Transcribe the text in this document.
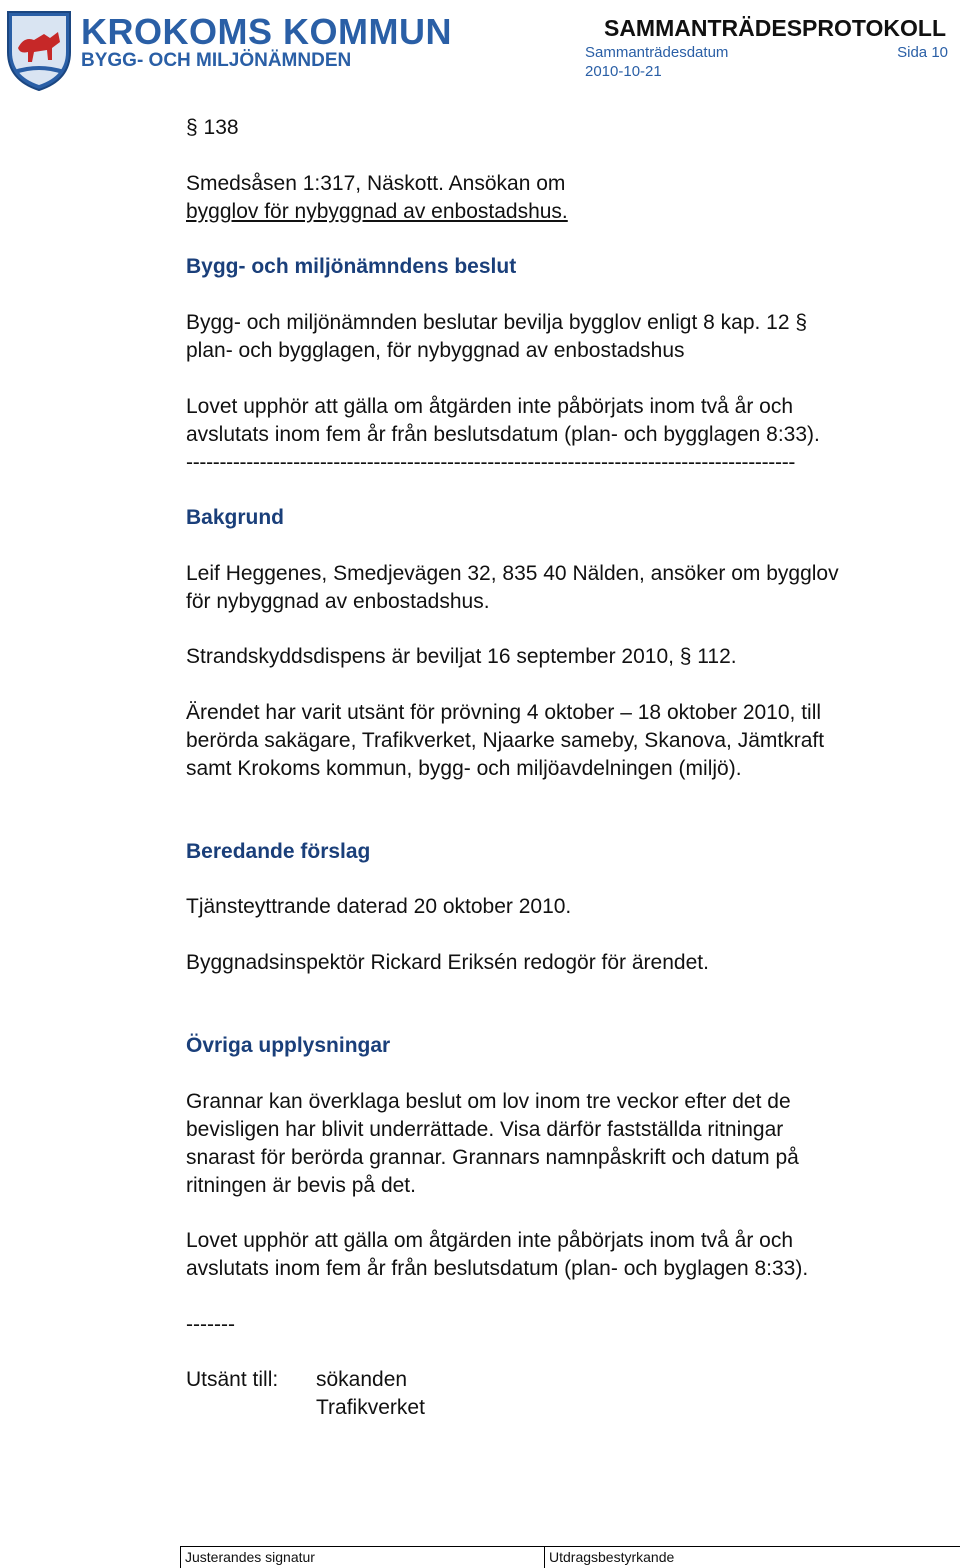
KROKOMS KOMMUN
BYGG- OCH MILJÖNÄMNDEN
SAMMANTRÄDESPROTOKOLL
Sammanträdesdatum	Sida 10
2010-10-21
§ 138
Smedsåsen 1:317, Näskott. Ansökan om
bygglov för nybyggnad av enbostadshus.
Bygg- och miljönämndens beslut
Bygg- och miljönämnden beslutar bevilja bygglov enligt 8 kap. 12 §
plan- och bygglagen, för nybyggnad av enbostadshus
Lovet upphör att gälla om åtgärden inte påbörjats inom två år och
avslutats inom fem år från beslutsdatum (plan- och bygglagen 8:33).
-------------------------------------------------------------------------------------------
Bakgrund
Leif Heggenes, Smedjevägen 32, 835 40 Nälden, ansöker om bygglov
för nybyggnad av enbostadshus.
Strandskyddsdispens är beviljat 16 september 2010, § 112.
Ärendet har varit utsänt för prövning 4 oktober – 18 oktober 2010, till
berörda sakägare, Trafikverket, Njaarke sameby, Skanova, Jämtkraft
samt Krokoms kommun, bygg- och miljöavdelningen (miljö).
Beredande förslag
Tjänsteyttrande daterad 20 oktober 2010.
Byggnadsinspektör Rickard Eriksén redogör för ärendet.
Övriga upplysningar
Grannar kan överklaga beslut om lov inom tre veckor efter det de
bevisligen har blivit underrättade. Visa därför fastställda ritningar
snarast för berörda grannar. Grannars namnpåskrift och datum på
ritningen är bevis på det.
Lovet upphör att gälla om åtgärden inte påbörjats inom två år och
avslutats inom fem år från beslutsdatum (plan- och byglagen 8:33).
-------
Utsänt till: sökanden
Trafikverket
Justerandes signatur	Utdragsbestyrkande
